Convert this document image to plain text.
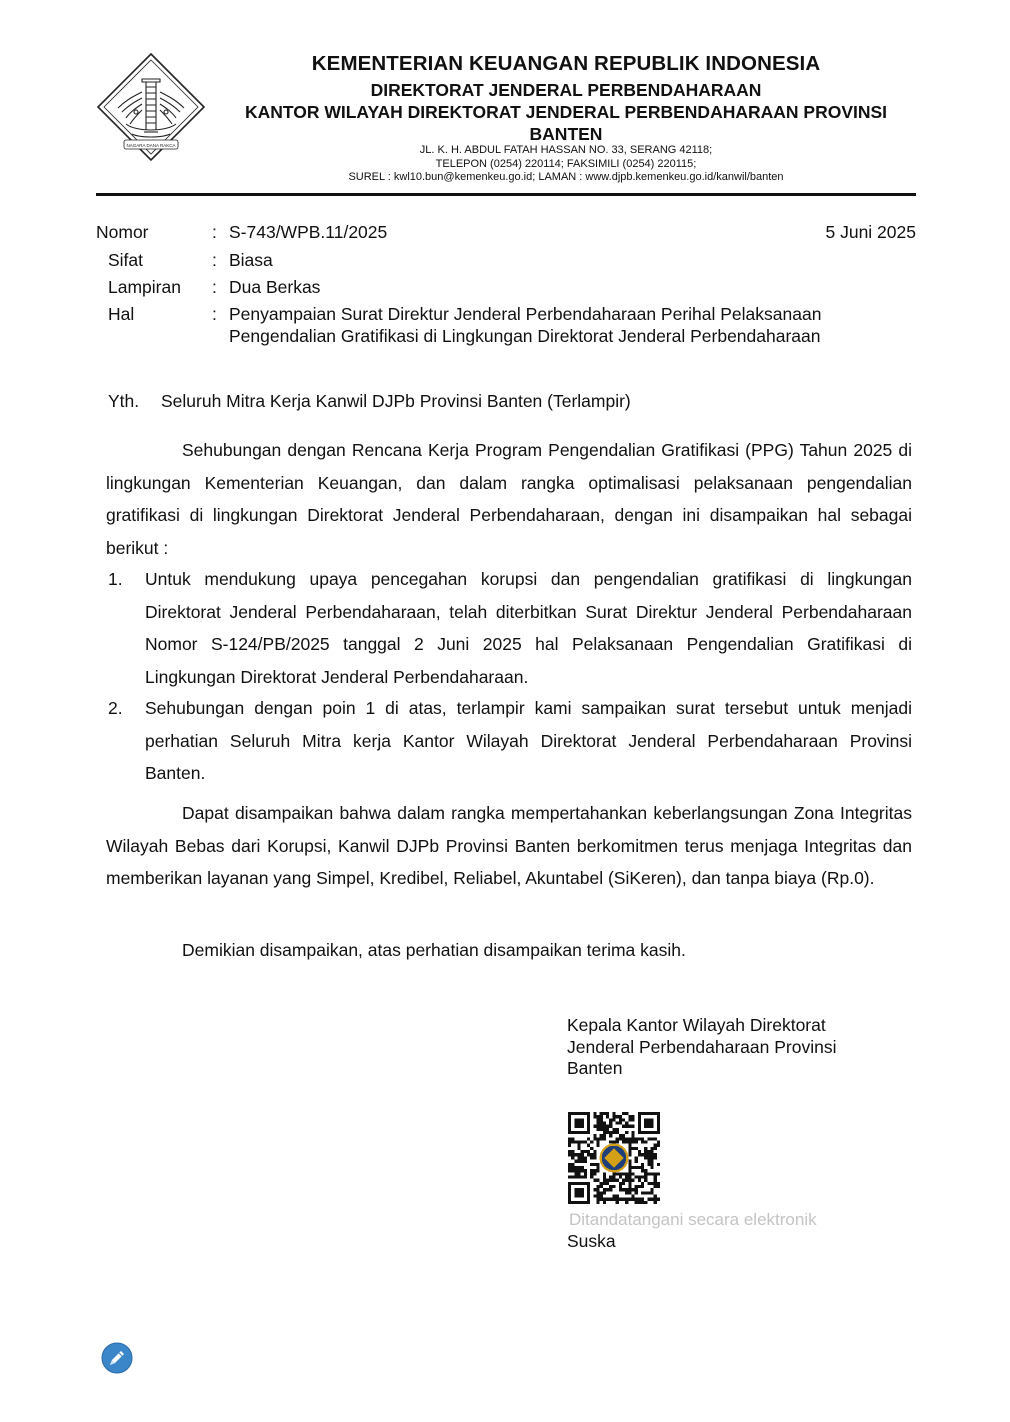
NAGARA DANA RAKCA
KEMENTERIAN KEUANGAN REPUBLIK INDONESIA
DIREKTORAT JENDERAL PERBENDAHARAAN
KANTOR WILAYAH DIREKTORAT JENDERAL PERBENDAHARAAN PROVINSI BANTEN
JL. K. H. ABDUL FATAH HASSAN NO. 33, SERANG 42118;
TELEPON (0254) 220114; FAKSIMILI (0254) 220115;
SUREL : kwl10.bun@kemenkeu.go.id; LAMAN : www.djpb.kemenkeu.go.id/kanwil/banten
Nomor	: S-743/WPB.11/2025	5 Juni 2025
Sifat	: Biasa
Lampiran : Dua Berkas
Hal	: Penyampaian Surat Direktur Jenderal Perbendaharaan Perihal Pelaksanaan Pengendalian Gratifikasi di Lingkungan Direktorat Jenderal Perbendaharaan
Yth. Seluruh Mitra Kerja Kanwil DJPb Provinsi Banten (Terlampir)
Sehubungan dengan Rencana Kerja Program Pengendalian Gratifikasi (PPG) Tahun 2025 di lingkungan Kementerian Keuangan, dan dalam rangka optimalisasi pelaksanaan pengendalian gratifikasi di lingkungan Direktorat Jenderal Perbendaharaan, dengan ini disampaikan hal sebagai berikut :
1. Untuk mendukung upaya pencegahan korupsi dan pengendalian gratifikasi di lingkungan Direktorat Jenderal Perbendaharaan, telah diterbitkan Surat Direktur Jenderal Perbendaharaan Nomor S-124/PB/2025 tanggal 2 Juni 2025 hal Pelaksanaan Pengendalian Gratifikasi di Lingkungan Direktorat Jenderal Perbendaharaan.
2. Sehubungan dengan poin 1 di atas, terlampir kami sampaikan surat tersebut untuk menjadi perhatian Seluruh Mitra kerja Kantor Wilayah Direktorat Jenderal Perbendaharaan Provinsi Banten.
Dapat disampaikan bahwa dalam rangka mempertahankan keberlangsungan Zona Integritas Wilayah Bebas dari Korupsi, Kanwil DJPb Provinsi Banten berkomitmen terus menjaga Integritas dan memberikan layanan yang Simpel, Kredibel, Reliabel, Akuntabel (SiKeren), dan tanpa biaya (Rp.0).
Demikian disampaikan, atas perhatian disampaikan terima kasih.
Kepala Kantor Wilayah Direktorat
Jenderal Perbendaharaan Provinsi
Banten
Ditandatangani secara elektronik
Suska
